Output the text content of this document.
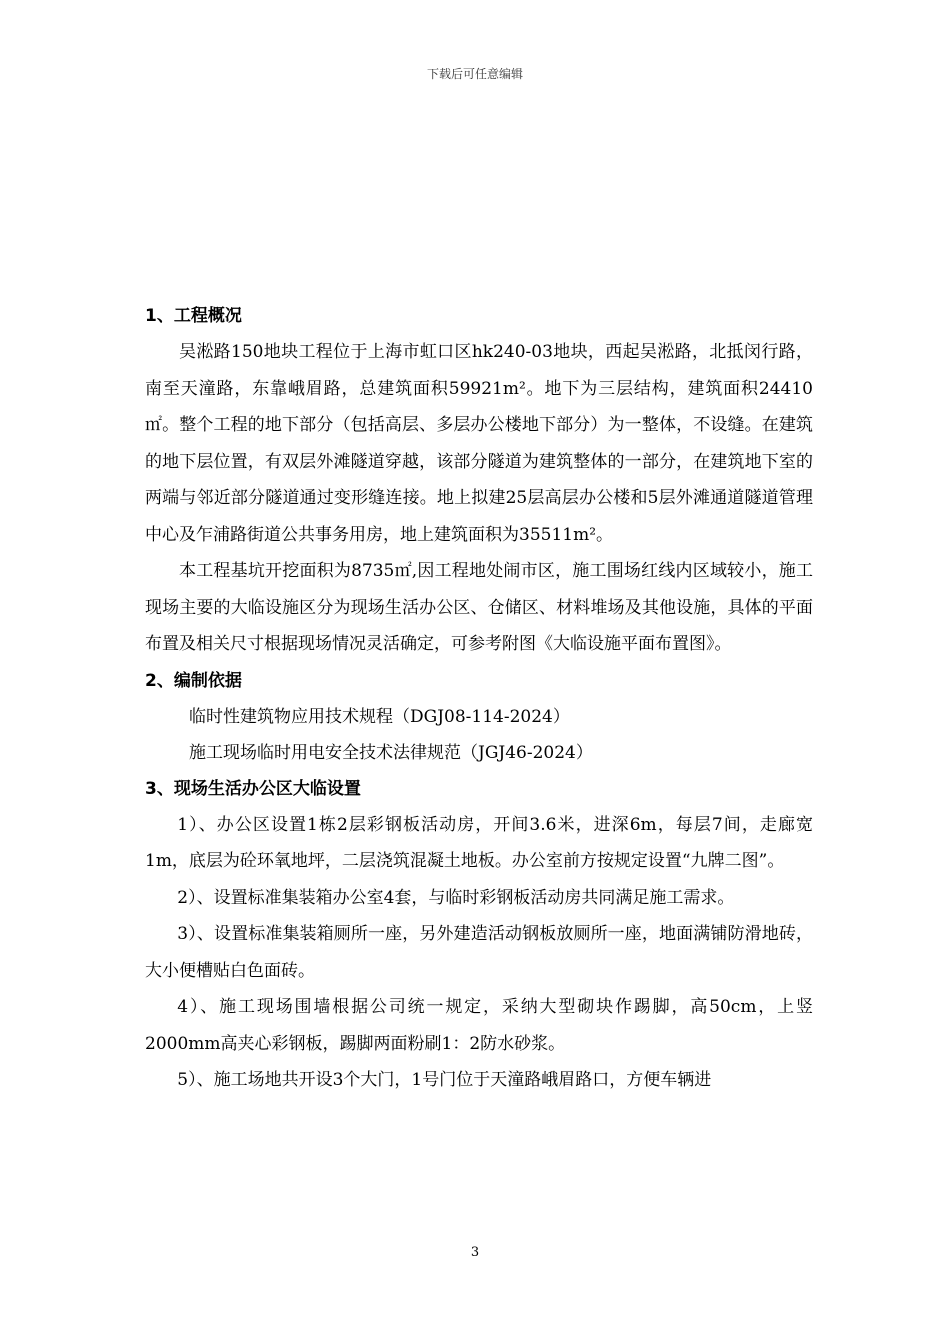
下载后可任意编辑
1、工程概况

吴淞路150地块工程位于上海市虹口区hk240-03地块，西起吴淞路，北抵闵行路，南至天潼路，东靠峨眉路，总建筑面积59921m²。地下为三层结构，建筑面积24410 ㎡。整个工程的地下部分（包括高层、多层办公楼地下部分）为一整体，不设缝。在建筑的地下层位置，有双层外滩隧道穿越，该部分隧道为建筑整体的一部分，在建筑地下室的两端与邻近部分隧道通过变形缝连接。地上拟建25层高层办公楼和5层外滩通道隧道管理中心及乍浦路街道公共事务用房，地上建筑面积为35511m²。

本工程基坑开挖面积为8735㎡,因工程地处闹市区，施工围场红线内区域较小，施工现场主要的大临设施区分为现场生活办公区、仓储区、材料堆场及其他设施，具体的平面布置及相关尺寸根据现场情况灵活确定，可参考附图《大临设施平面布置图》。

2、编制依据

临时性建筑物应用技术规程（DGJ08-114-2024）

施工现场临时用电安全技术法律规范（JGJ46-2024）

3、现场生活办公区大临设置

1）、办公区设置1栋2层彩钢板活动房，开间3.6米，进深6m，每层7间，走廊宽1m，底层为砼环氧地坪，二层浇筑混凝土地板。办公室前方按规定设置“九牌二图”。

2）、设置标准集装箱办公室4套，与临时彩钢板活动房共同满足施工需求。

3）、设置标准集装箱厕所一座，另外建造活动钢板放厕所一座，地面满铺防滑地砖，大小便槽贴白色面砖。

4）、施工现场围墙根据公司统一规定，采纳大型砌块作踢脚，高50cm，上竖2000mm高夹心彩钢板，踢脚两面粉刷1：2防水砂浆。

5）、施工场地共开设3个大门，1号门位于天潼路峨眉路口，方便车辆进

3
